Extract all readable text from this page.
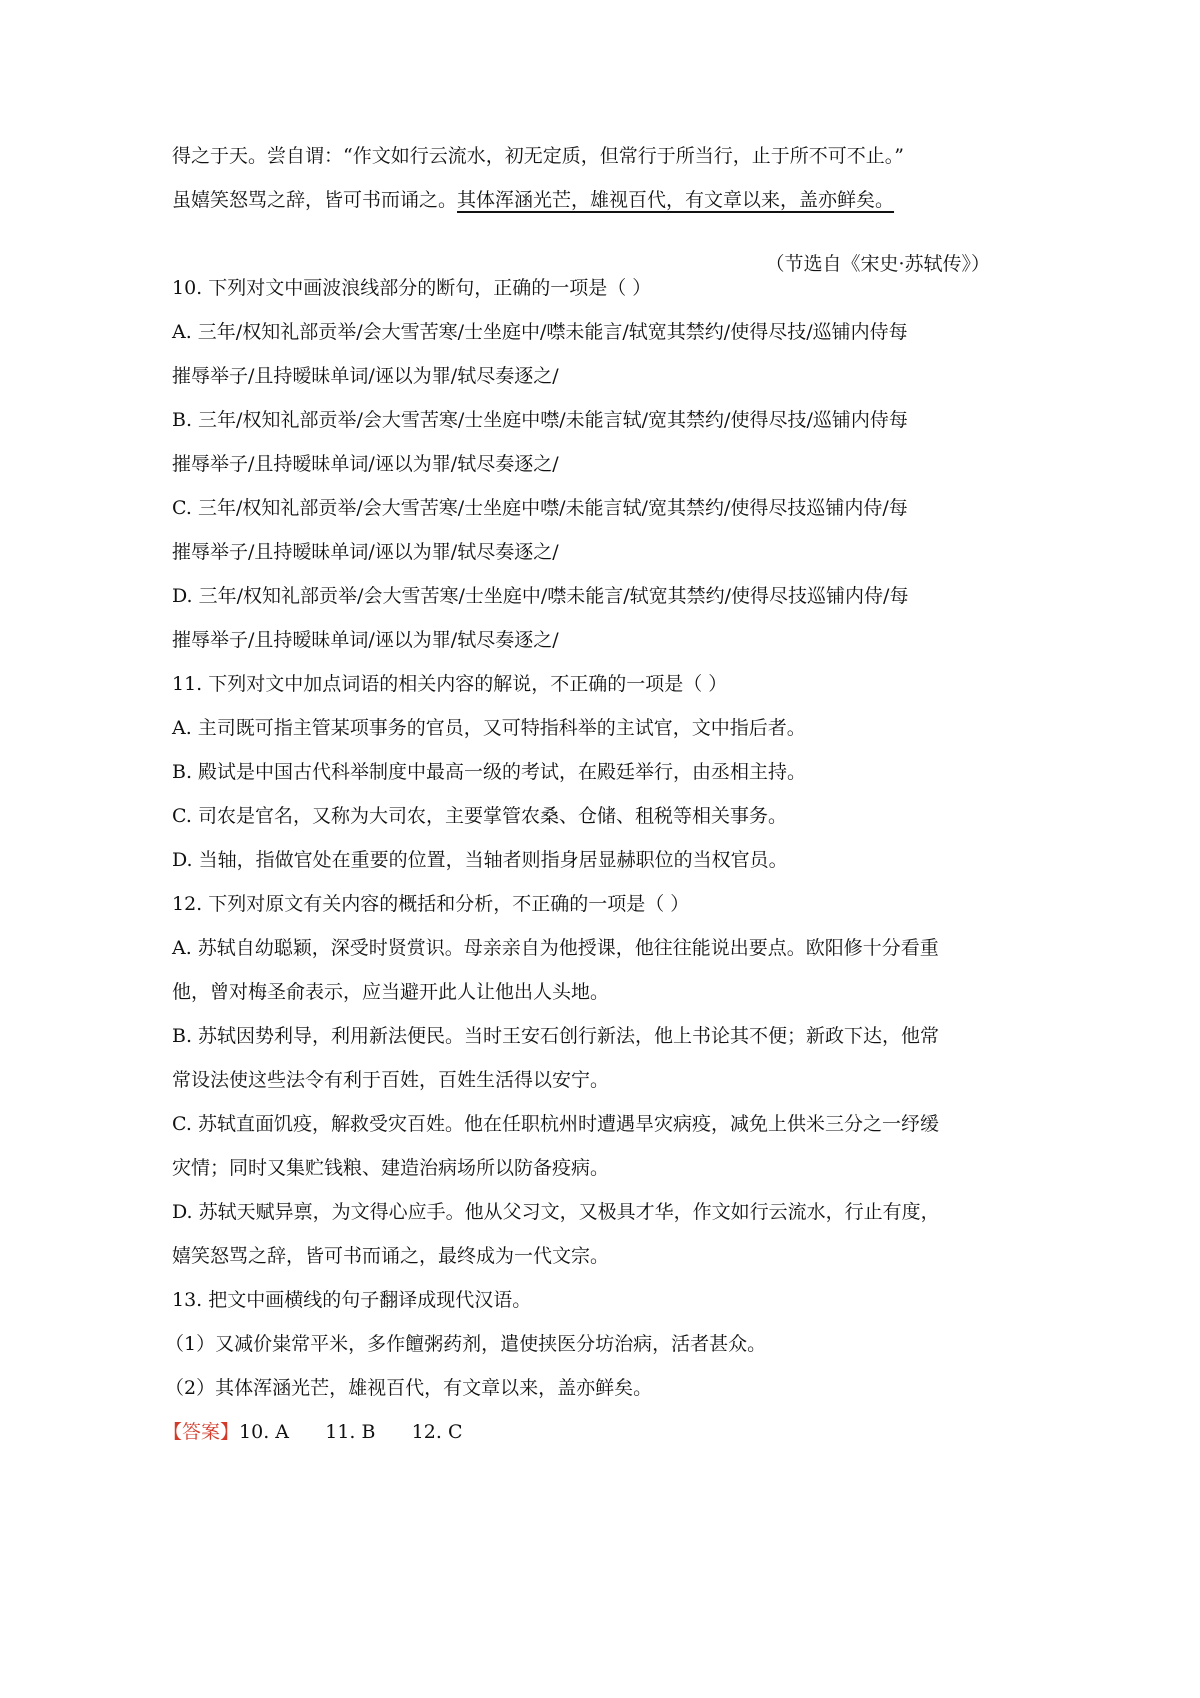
得之于天。尝自谓：“作文如行云流水，初无定质，但常行于所当行，止于所不可不止。”
虽嬉笑怒骂之辞，皆可书而诵之。其体浑涵光芒，雄视百代，有文章以来，盖亦鲜矣。
（节选自《宋史·苏轼传》）
10. 下列对文中画波浪线部分的断句，正确的一项是（ ）
A. 三年/权知礼部贡举/会大雪苦寒/士坐庭中/噤未能言/轼宽其禁约/使得尽技/巡铺内侍每
摧辱举子/且持暧昧单词/诬以为罪/轼尽奏逐之/
B. 三年/权知礼部贡举/会大雪苦寒/士坐庭中噤/未能言轼/宽其禁约/使得尽技/巡铺内侍每
摧辱举子/且持暧昧单词/诬以为罪/轼尽奏逐之/
C. 三年/权知礼部贡举/会大雪苦寒/士坐庭中噤/未能言轼/宽其禁约/使得尽技巡铺内侍/每
摧辱举子/且持暧昧单词/诬以为罪/轼尽奏逐之/
D. 三年/权知礼部贡举/会大雪苦寒/士坐庭中/噤未能言/轼宽其禁约/使得尽技巡铺内侍/每
摧辱举子/且持暧昧单词/诬以为罪/轼尽奏逐之/
11. 下列对文中加点词语的相关内容的解说，不正确的一项是（ ）
A. 主司既可指主管某项事务的官员，又可特指科举的主试官，文中指后者。
B. 殿试是中国古代科举制度中最高一级的考试，在殿廷举行，由丞相主持。
C. 司农是官名，又称为大司农，主要掌管农桑、仓储、租税等相关事务。
D. 当轴，指做官处在重要的位置，当轴者则指身居显赫职位的当权官员。
12. 下列对原文有关内容的概括和分析，不正确的一项是（ ）
A. 苏轼自幼聪颖，深受时贤赏识。母亲亲自为他授课，他往往能说出要点。欧阳修十分看重
他，曾对梅圣俞表示，应当避开此人让他出人头地。
B. 苏轼因势利导，利用新法便民。当时王安石创行新法，他上书论其不便；新政下达，他常
常设法使这些法令有利于百姓，百姓生活得以安宁。
C. 苏轼直面饥疫，解救受灾百姓。他在任职杭州时遭遇旱灾病疫，减免上供米三分之一纾缓
灾情；同时又集贮钱粮、建造治病场所以防备疫病。
D. 苏轼天赋异禀，为文得心应手。他从父习文，又极具才华，作文如行云流水，行止有度，
嬉笑怒骂之辞，皆可书而诵之，最终成为一代文宗。
13. 把文中画横线的句子翻译成现代汉语。
（1）又减价粜常平米，多作饘粥药剂，遣使挟医分坊治病，活者甚众。
（2）其体浑涵光芒，雄视百代，有文章以来，盖亦鲜矣。
【答案】10. A      11. B      12. C
